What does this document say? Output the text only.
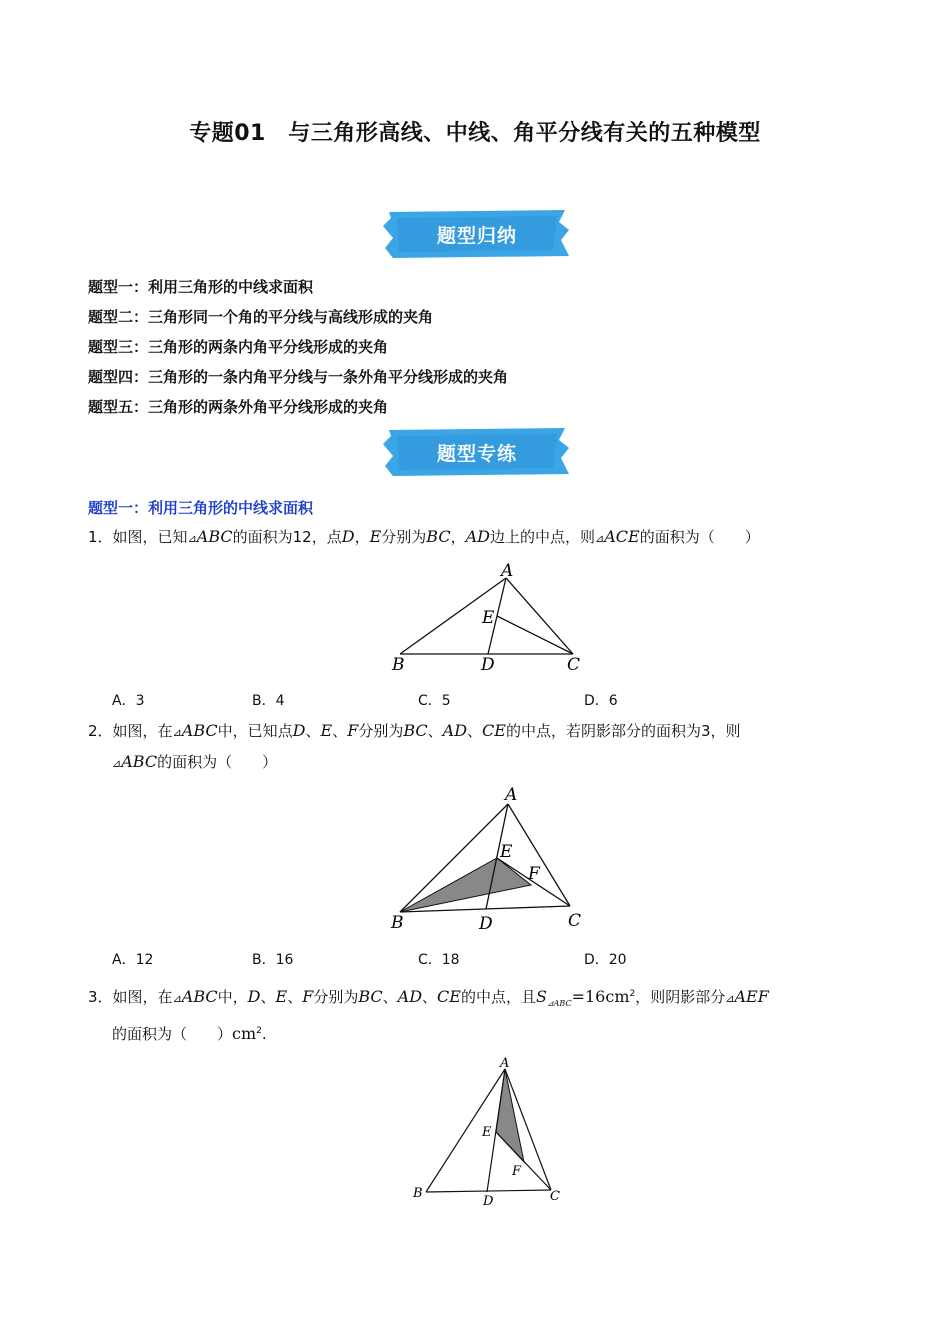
专题01　与三角形高线、中线、角平分线有关的五种模型
题型归纳
题型一：利用三角形的中线求面积
题型二：三角形同一个角的平分线与高线形成的夹角
题型三：三角形的两条内角平分线形成的夹角
题型四：三角形的一条内角平分线与一条外角平分线形成的夹角
题型五：三角形的两条外角平分线形成的夹角
题型专练
题型一：利用三角形的中线求面积
1．如图，已知⊿ABC的面积为12，点D，E分别为BC，AD边上的中点，则⊿ACE的面积为（　　）
A
B	C
D
E
A．3	B．4	C．5	D．6
2．如图，在⊿ABC中，已知点D、E、F分别为BC、AD、CE的中点，若阴影部分的面积为3，则
⊿ABC的面积为（　　）
A
B	C
D
E
F
A．12	B．16	C．18	D．20
3．如图，在⊿ABC中，D、E、F分别为BC、AD、CE的中点，且$S_{⊿ABC}=16cm^2$，则阴影部分⊿AEF
的面积为（　　）$cm^2$.
A
B	C
D
E
F
